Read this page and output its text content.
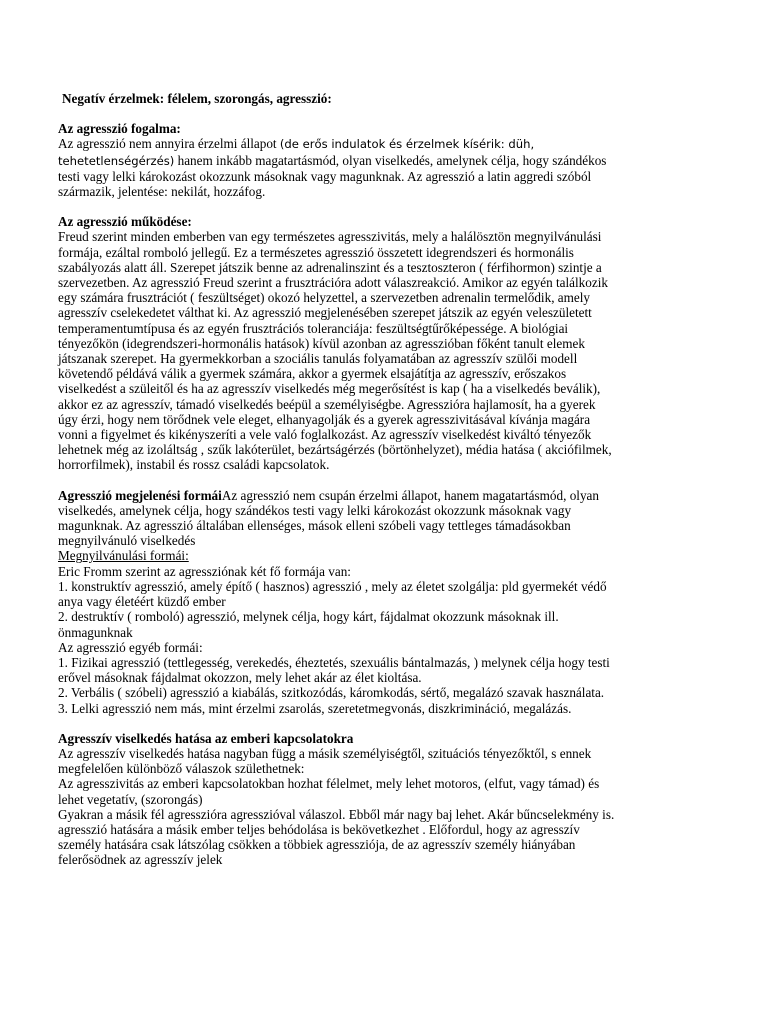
Negatív érzelmek: félelem, szorongás, agresszió:
Az agresszió fogalma:

Az agresszió nem annyira érzelmi állapot (de erős indulatok és érzelmek kísérik: düh, tehetetlenségérzés) hanem inkább magatartásmód, olyan viselkedés, amelynek célja, hogy szándékos testi vagy lelki károkozást okozzunk másoknak vagy magunknak. Az agresszió a latin aggredi szóból származik, jelentése: nekilát, hozzáfog.

Az agresszió működése:

Freud szerint minden emberben van egy természetes agresszivitás, mely a halálösztön megnyilvánulási formája, ezáltal romboló jellegű. Ez a természetes agresszió összetett idegrendszeri és hormonális szabályozás alatt áll. Szerepet játszik benne az adrenalinszint és a tesztoszteron ( férfihormon) szintje a szervezetben. Az agresszió Freud szerint a frusztrációra adott válaszreakció. Amikor az egyén találkozik egy számára frusztrációt ( feszültséget) okozó helyzettel, a szervezetben adrenalin termelődik, amely agresszív cselekedetet válthat ki. Az agresszió megjelenésében szerepet játszik az egyén veleszületett temperamentumtípusa és az egyén frusztrációs toleranciája: feszültségtűrőképessége. A biológiai tényezőkön (idegrendszeri-hormonális hatások) kívül azonban az agresszióban főként tanult elemek játszanak szerepet. Ha gyermekkorban a szociális tanulás folyamatában az agresszív szülői modell követendő példává válik a gyermek számára, akkor a gyermek elsajátítja az agresszív, erőszakos viselkedést a szüleitől és ha az agresszív viselkedés még megerősítést is kap ( ha a viselkedés beválik), akkor ez az agresszív, támadó viselkedés beépül a személyiségbe. Agresszióra hajlamosít, ha a gyerek úgy érzi, hogy nem törődnek vele eleget, elhanyagolják és a gyerek agresszivitásával kívánja magára vonni a figyelmet és kikényszeríti a vele való foglalkozást. Az agresszív viselkedést kiváltó tényezők lehetnek még az izoláltság , szűk lakóterület, bezártságérzés (börtönhelyzet), média hatása ( akciófilmek, horrorfilmek), instabil és rossz családi kapcsolatok.

Agresszió megjelenési formáiAz agresszió nem csupán érzelmi állapot, hanem magatartásmód, olyan viselkedés, amelynek célja, hogy szándékos testi vagy lelki károkozást okozzunk másoknak vagy magunknak. Az agresszió általában ellenséges, mások elleni szóbeli vagy tettleges támadásokban megnyilvánuló viselkedés

Megnyilvánulási formái:
Eric Fromm szerint az agressziónak két fő formája van:
1. konstruktív agresszió, amely építő ( hasznos) agresszió , mely az életet szolgálja: pld gyermekét védő anya vagy életéért küzdő ember
2. destruktív ( romboló) agresszió, melynek célja, hogy kárt, fájdalmat okozzunk másoknak ill. önmagunknak
Az agresszió egyéb formái:
1. Fizikai agresszió (tettlegesség, verekedés, éheztetés, szexuális bántalmazás, ) melynek célja hogy testi erővel másoknak fájdalmat okozzon, mely lehet akár az élet kioltása.
2. Verbális ( szóbeli) agresszió a kiabálás, szitkozódás, káromkodás, sértő, megalázó szavak használata.
3. Lelki agresszió nem más, mint érzelmi zsarolás, szeretetmegvonás, diszkrimináció, megalázás.
Agresszív viselkedés hatása az emberi kapcsolatokra
Az agresszív viselkedés hatása nagyban függ a másik személyiségtől, szituációs tényezőktől, s ennek megfelelően különböző válaszok születhetnek:
Az agresszivitás az emberi kapcsolatokban hozhat félelmet, mely lehet motoros, (elfut, vagy támad) és lehet vegetatív, (szorongás)
Gyakran a másik fél agresszióra agresszióval válaszol. Ebből már nagy baj lehet. Akár bűncselekmény is.
agresszió hatására a másik ember teljes behódolása is bekövetkezhet . Előfordul, hogy az agresszív személy hatására csak látszólag csökken a többiek agressziója, de az agresszív személy hiányában felerősödnek az agresszív jelek
